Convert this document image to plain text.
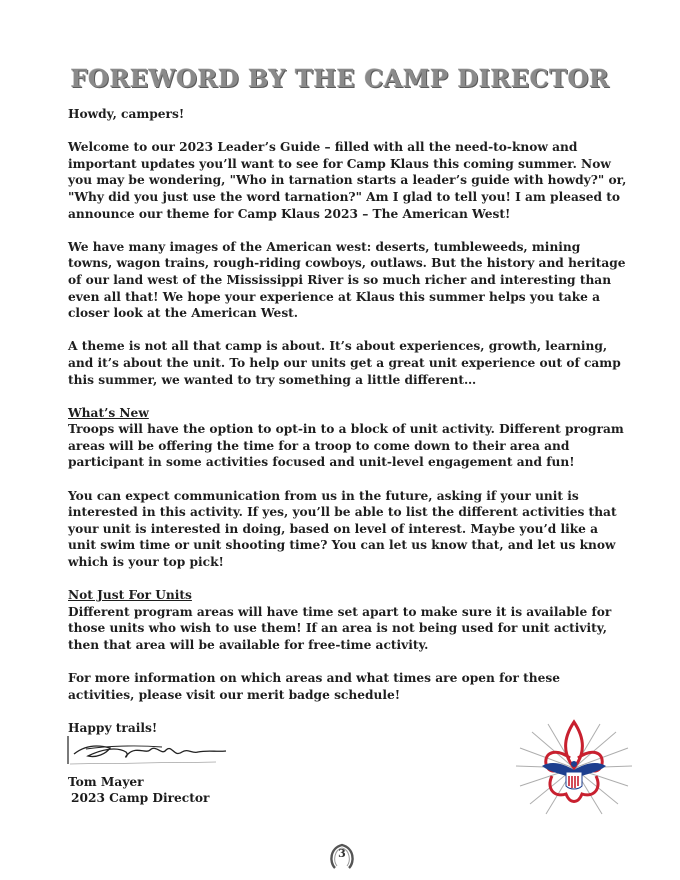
FOREWORD BY THE CAMP DIRECTOR

Howdy, campers!

Welcome to our 2023 Leader’s Guide – filled with all the need-to-know and important updates you’ll want to see for Camp Klaus this coming summer. Now you may be wondering, "Who in tarnation starts a leader’s guide with howdy?" or, "Why did you just use the word tarnation?" Am I glad to tell you! I am pleased to announce our theme for Camp Klaus 2023 – The American West!

We have many images of the American west: deserts, tumbleweeds, mining towns, wagon trains, rough-riding cowboys, outlaws. But the history and heritage of our land west of the Mississippi River is so much richer and interesting than even all that! We hope your experience at Klaus this summer helps you take a closer look at the American West.

A theme is not all that camp is about. It’s about experiences, growth, learning, and it’s about the unit. To help our units get a great unit experience out of camp this summer, we wanted to try something a little different…

What’s New
Troops will have the option to opt-in to a block of unit activity. Different program areas will be offering the time for a troop to come down to their area and participant in some activities focused and unit-level engagement and fun!

You can expect communication from us in the future, asking if your unit is interested in this activity. If yes, you’ll be able to list the different activities that your unit is interested in doing, based on level of interest. Maybe you’d like a unit swim time or unit shooting time? You can let us know that, and let us know which is your top pick!

Not Just For Units
Different program areas will have time set apart to make sure it is available for those units who wish to use them! If an area is not being used for unit activity, then that area will be available for free-time activity.

For more information on which areas and what times are open for these activities, please visit our merit badge schedule!

Happy trails!

Tom Mayer
2023 Camp Director
3
